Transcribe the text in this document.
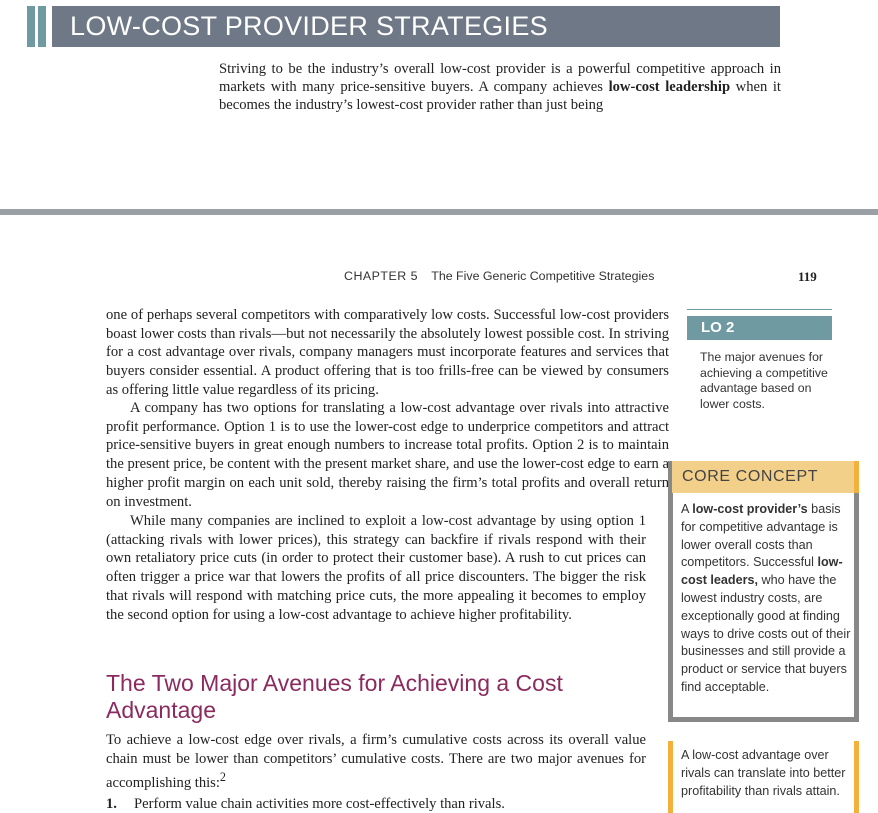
LOW-COST PROVIDER STRATEGIES
Striving to be the industry’s overall low-cost provider is a powerful competitive approach in markets with many price-sensitive buyers. A company achieves low-cost leadership when it becomes the industry’s lowest-cost provider rather than just being
CHAPTER 5 The Five Generic Competitive Strategies	119
one of perhaps several competitors with comparatively low costs. Successful low-cost providers boast lower costs than rivals—but not necessarily the absolutely lowest possible cost. In striving for a cost advantage over rivals, company managers must incorporate features and services that buyers consider essential. A product offering that is too frills-free can be viewed by consumers as offering little value regardless of its pricing.
A company has two options for translating a low-cost advantage over rivals into attractive profit performance. Option 1 is to use the lower-cost edge to underprice competitors and attract price-sensitive buyers in great enough numbers to increase total profits. Option 2 is to maintain the present price, be content with the present market share, and use the lower-cost edge to earn a higher profit margin on each unit sold, thereby raising the firm’s total profits and overall return on investment.
While many companies are inclined to exploit a low-cost advantage by using option 1 (attacking rivals with lower prices), this strategy can backfire if rivals respond with their own retaliatory price cuts (in order to protect their customer base). A rush to cut prices can often trigger a price war that lowers the profits of all price discounters. The bigger the risk that rivals will respond with matching price cuts, the more appealing it becomes to employ the second option for using a low-cost advantage to achieve higher profitability.
The Two Major Avenues for Achieving a Cost Advantage
To achieve a low-cost edge over rivals, a firm’s cumulative costs across its overall value chain must be lower than competitors’ cumulative costs. There are two major avenues for accomplishing this:$^2$
1. Perform value chain activities more cost-effectively than rivals.
LO 2
The major avenues for achieving a competitive advantage based on lower costs.
CORE CONCEPT
A low-cost provider’s basis for competitive advantage is lower overall costs than competitors. Successful low-cost leaders, who have the lowest industry costs, are exceptionally good at finding ways to drive costs out of their businesses and still provide a product or service that buyers find acceptable.
A low-cost advantage over rivals can translate into better profitability than rivals attain.
